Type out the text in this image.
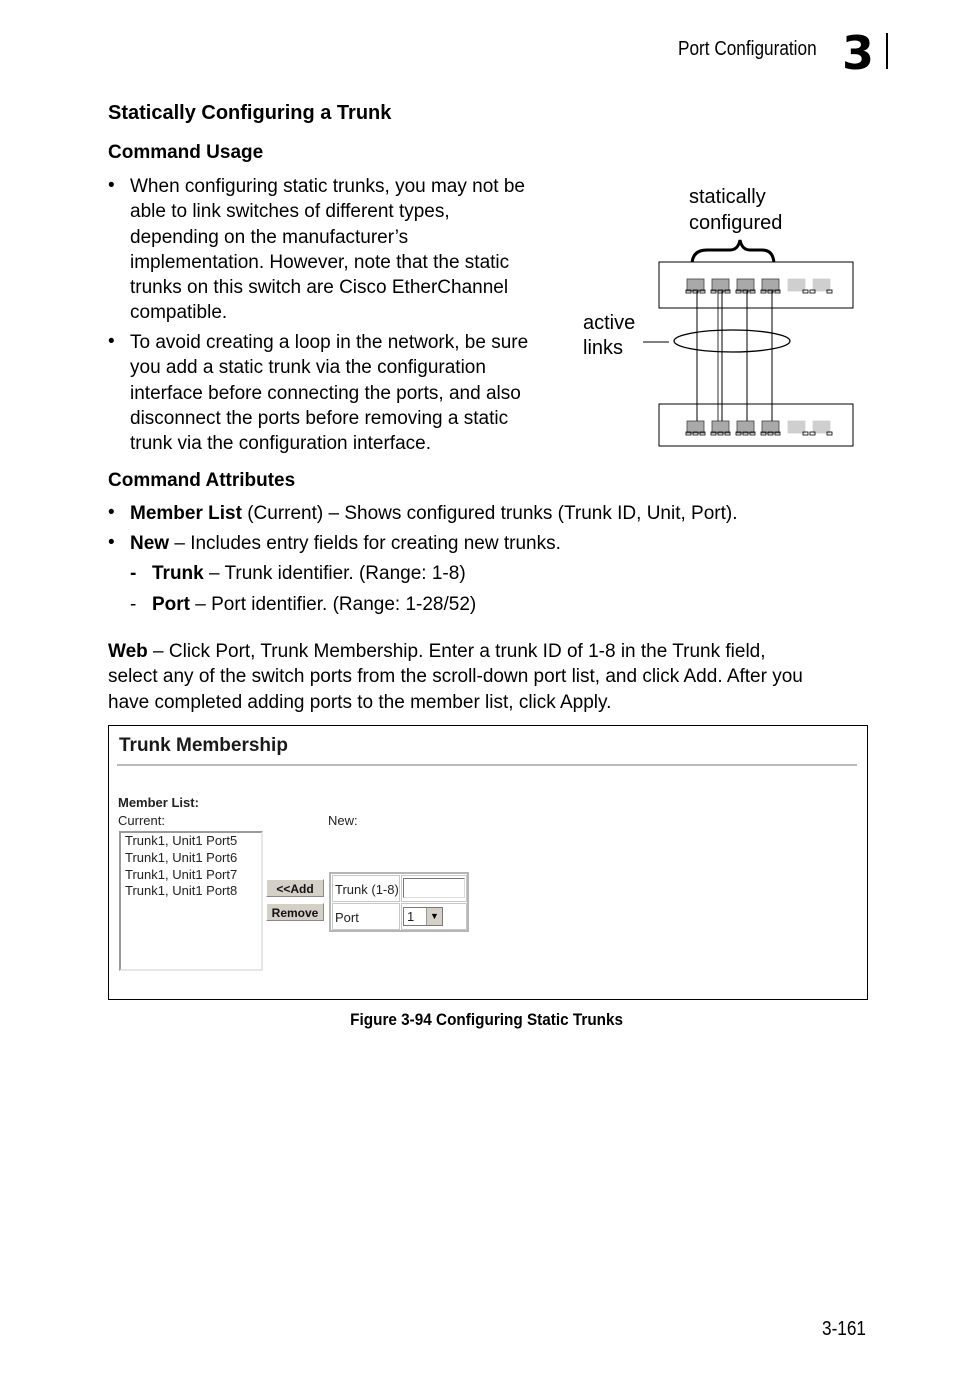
Port Configuration 3
Statically Configuring a Trunk
Command Usage
• When configuring static trunks, you may not be
able to link switches of different types,
depending on the manufacturer’s
implementation. However, note that the static
trunks on this switch are Cisco EtherChannel
compatible.
• To avoid creating a loop in the network, be sure
you add a static trunk via the configuration
interface before connecting the ports, and also
disconnect the ports before removing a static
trunk via the configuration interface.
statically
configured
active
links
Command Attributes
• Member List (Current) – Shows configured trunks (Trunk ID, Unit, Port).
• New – Includes entry fields for creating new trunks.
- Trunk – Trunk identifier. (Range: 1-8)
- Port – Port identifier. (Range: 1-28/52)
Web – Click Port, Trunk Membership. Enter a trunk ID of 1-8 in the Trunk field,
select any of the switch ports from the scroll-down port list, and click Add. After you
have completed adding ports to the member list, click Apply.
Trunk Membership
Member List:
Current:	New:
Trunk1, Unit1 Port5
Trunk1, Unit1 Port6
Trunk1, Unit1 Port7
Trunk1, Unit1 Port8	<<Add
Remove
Trunk (1-8)
Port	1	▼
Figure 3-94 Configuring Static Trunks
3-161
